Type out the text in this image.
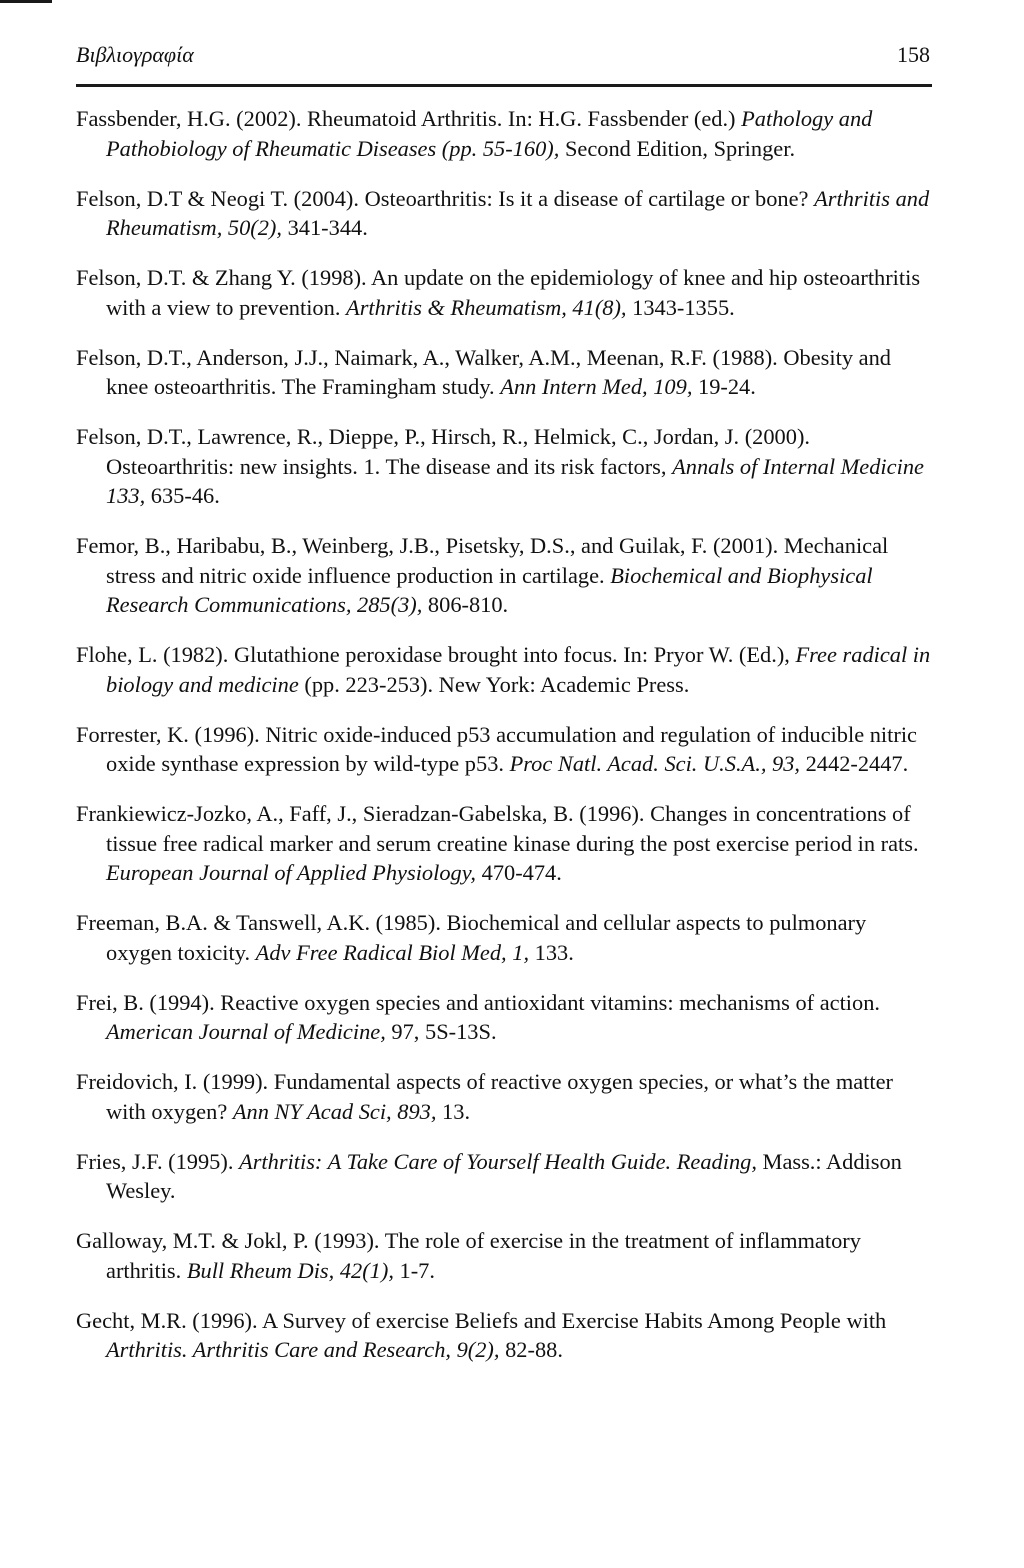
Βιβλιογραφία	158

Fassbender, H.G. (2002). Rheumatoid Arthritis. In: H.G. Fassbender (ed.) Pathology and Pathobiology of Rheumatic Diseases (pp. 55-160), Second Edition, Springer.

Felson, D.T & Neogi T. (2004). Osteoarthritis: Is it a disease of cartilage or bone? Arthritis and Rheumatism, 50(2), 341-344.

Felson, D.T. & Zhang Y. (1998). An update on the epidemiology of knee and hip osteoarthritis with a view to prevention. Arthritis & Rheumatism, 41(8), 1343-1355.

Felson, D.T., Anderson, J.J., Naimark, A., Walker, A.M., Meenan, R.F. (1988). Obesity and knee osteoarthritis. The Framingham study. Ann Intern Med, 109, 19-24.

Felson, D.T., Lawrence, R., Dieppe, P., Hirsch, R., Helmick, C., Jordan, J. (2000). Osteoarthritis: new insights. 1. The disease and its risk factors, Annals of Internal Medicine 133, 635-46.

Femor, B., Haribabu, B., Weinberg, J.B., Pisetsky, D.S., and Guilak, F. (2001). Mechanical stress and nitric oxide influence production in cartilage. Biochemical and Biophysical Research Communications, 285(3), 806-810.

Flohe, L. (1982). Glutathione peroxidase brought into focus. In: Pryor W. (Ed.), Free radical in biology and medicine (pp. 223-253). New York: Academic Press.

Forrester, K. (1996). Nitric oxide-induced p53 accumulation and regulation of inducible nitric oxide synthase expression by wild-type p53. Proc Natl. Acad. Sci. U.S.A., 93, 2442-2447.

Frankiewicz-Jozko, A., Faff, J., Sieradzan-Gabelska, B. (1996). Changes in concentrations of tissue free radical marker and serum creatine kinase during the post exercise period in rats. European Journal of Applied Physiology, 470-474.

Freeman, B.A. & Tanswell, A.K. (1985). Biochemical and cellular aspects to pulmonary oxygen toxicity. Adv Free Radical Biol Med, 1, 133.

Frei, B. (1994). Reactive oxygen species and antioxidant vitamins: mechanisms of action. American Journal of Medicine, 97, 5S-13S.

Freidovich, I. (1999). Fundamental aspects of reactive oxygen species, or what’s the matter with oxygen? Ann NY Acad Sci, 893, 13.

Fries, J.F. (1995). Arthritis: A Take Care of Yourself Health Guide. Reading, Mass.: Addison Wesley.

Galloway, M.T. & Jokl, P. (1993). The role of exercise in the treatment of inflammatory arthritis. Bull Rheum Dis, 42(1), 1-7.

Gecht, M.R. (1996). A Survey of exercise Beliefs and Exercise Habits Among People with Arthritis. Arthritis Care and Research, 9(2), 82-88.
